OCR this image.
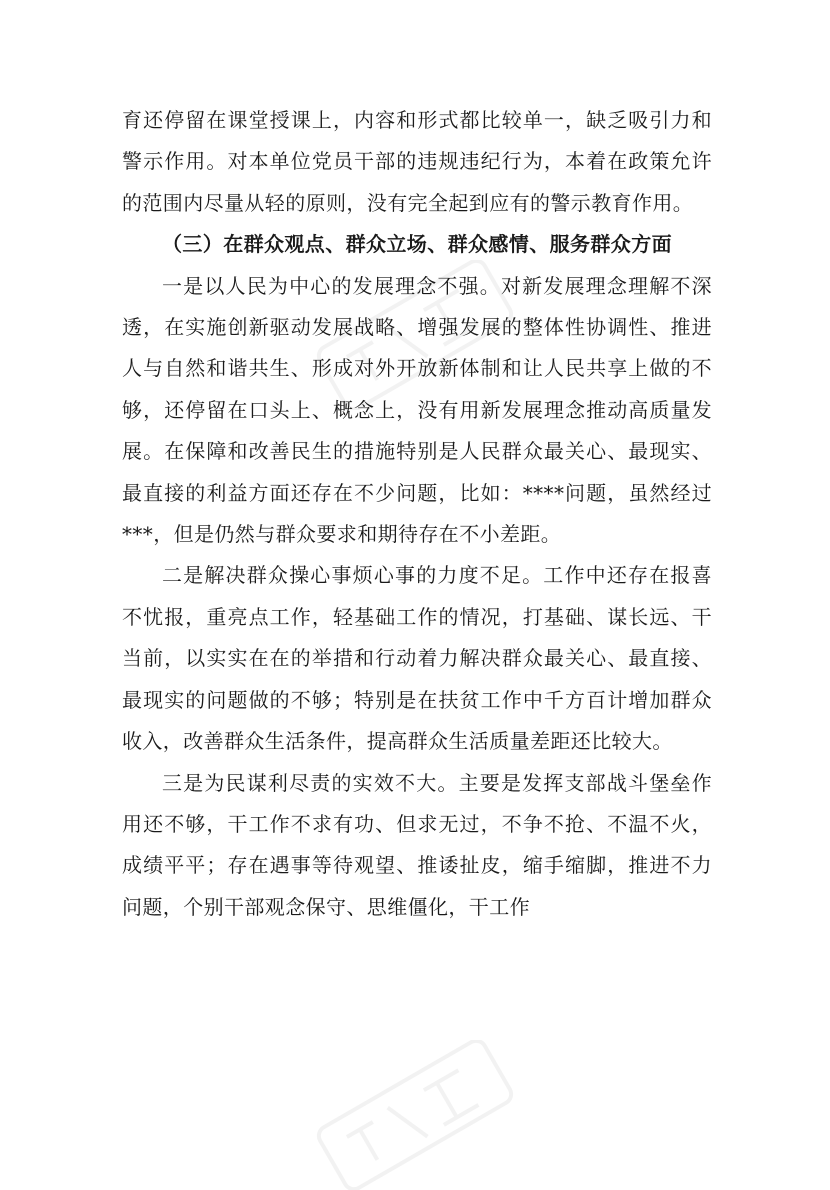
育还停留在课堂授课上，内容和形式都比较单一，缺乏吸引力和警示作用。对本单位党员干部的违规违纪行为，本着在政策允许的范围内尽量从轻的原则，没有完全起到应有的警示教育作用。

（三）在群众观点、群众立场、群众感情、服务群众方面

一是以人民为中心的发展理念不强。对新发展理念理解不深透，在实施创新驱动发展战略、增强发展的整体性协调性、推进人与自然和谐共生、形成对外开放新体制和让人民共享上做的不够，还停留在口头上、概念上，没有用新发展理念推动高质量发展。在保障和改善民生的措施特别是人民群众最关心、最现实、最直接的利益方面还存在不少问题，比如：****问题，虽然经过***，但是仍然与群众要求和期待存在不小差距。

二是解决群众操心事烦心事的力度不足。工作中还存在报喜不忧报，重亮点工作，轻基础工作的情况，打基础、谋长远、干当前，以实实在在的举措和行动着力解决群众最关心、最直接、最现实的问题做的不够；特别是在扶贫工作中千方百计增加群众收入，改善群众生活条件，提高群众生活质量差距还比较大。

三是为民谋利尽责的实效不大。主要是发挥支部战斗堡垒作用还不够，干工作不求有功、但求无过，不争不抢、不温不火，成绩平平；存在遇事等待观望、推诿扯皮，缩手缩脚，推进不力问题，个别干部观念保守、思维僵化，干工作
